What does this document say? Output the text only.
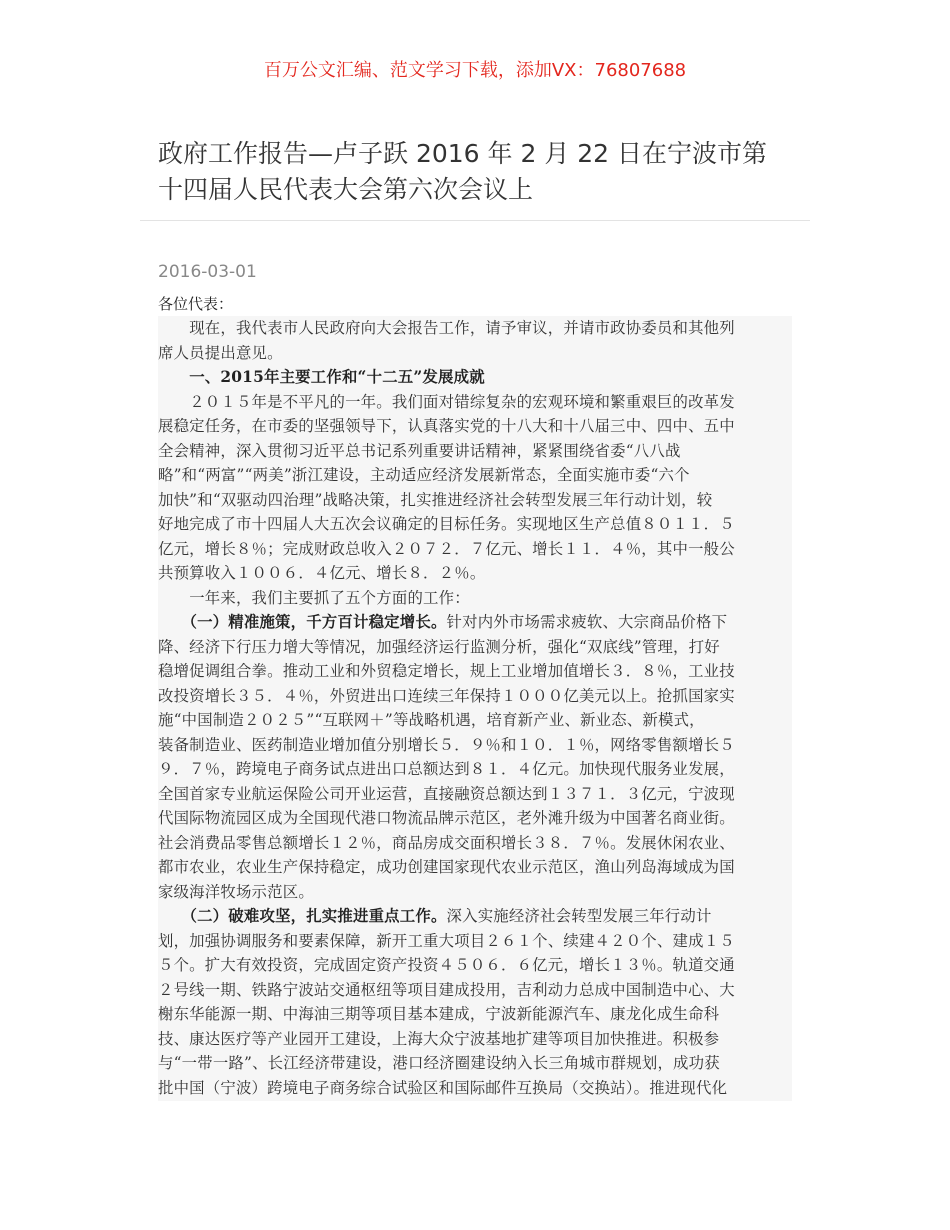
百万公文汇编、范文学习下载，添加VX：76807688
政府工作报告—卢子跃 2016 年 2 月 22 日在宁波市第
十四届人民代表大会第六次会议上
2016-03-01
各位代表：
　　现在，我代表市人民政府向大会报告工作，请予审议，并请市政协委员和其他列
席人员提出意见。
　　一、2015年主要工作和“十二五”发展成就
　　２０１５年是不平凡的一年。我们面对错综复杂的宏观环境和繁重艰巨的改革发
展稳定任务，在市委的坚强领导下，认真落实党的十八大和十八届三中、四中、五中
全会精神，深入贯彻习近平总书记系列重要讲话精神，紧紧围绕省委“八八战
略”和“两富”“两美”浙江建设，主动适应经济发展新常态，全面实施市委“六个
加快”和“双驱动四治理”战略决策，扎实推进经济社会转型发展三年行动计划，较
好地完成了市十四届人大五次会议确定的目标任务。实现地区生产总值８０１１．５
亿元，增长８％；完成财政总收入２０７２．７亿元、增长１１．４％，其中一般公
共预算收入１００６．４亿元、增长８．２％。
　　一年来，我们主要抓了五个方面的工作：
　　（一）精准施策，千方百计稳定增长。针对内外市场需求疲软、大宗商品价格下
降、经济下行压力增大等情况，加强经济运行监测分析，强化“双底线”管理，打好
稳增促调组合拳。推动工业和外贸稳定增长，规上工业增加值增长３．８％，工业技
改投资增长３５．４％，外贸进出口连续三年保持１０００亿美元以上。抢抓国家实
施“中国制造２０２５”“互联网＋”等战略机遇，培育新产业、新业态、新模式，
装备制造业、医药制造业增加值分别增长５．９％和１０．１％，网络零售额增长５
９．７％，跨境电子商务试点进出口总额达到８１．４亿元。加快现代服务业发展，
全国首家专业航运保险公司开业运营，直接融资总额达到１３７１．３亿元，宁波现
代国际物流园区成为全国现代港口物流品牌示范区，老外滩升级为中国著名商业街。
社会消费品零售总额增长１２％，商品房成交面积增长３８．７％。发展休闲农业、
都市农业，农业生产保持稳定，成功创建国家现代农业示范区，渔山列岛海域成为国
家级海洋牧场示范区。
　　（二）破难攻坚，扎实推进重点工作。深入实施经济社会转型发展三年行动计
划，加强协调服务和要素保障，新开工重大项目２６１个、续建４２０个、建成１５
５个。扩大有效投资，完成固定资产投资４５０６．６亿元，增长１３％。轨道交通
２号线一期、铁路宁波站交通枢纽等项目建成投用，吉利动力总成中国制造中心、大
榭东华能源一期、中海油三期等项目基本建成，宁波新能源汽车、康龙化成生命科
技、康达医疗等产业园开工建设，上海大众宁波基地扩建等项目加快推进。积极参
与“一带一路”、长江经济带建设，港口经济圈建设纳入长三角城市群规划，成功获
批中国（宁波）跨境电子商务综合试验区和国际邮件互换局（交换站）。推进现代化
